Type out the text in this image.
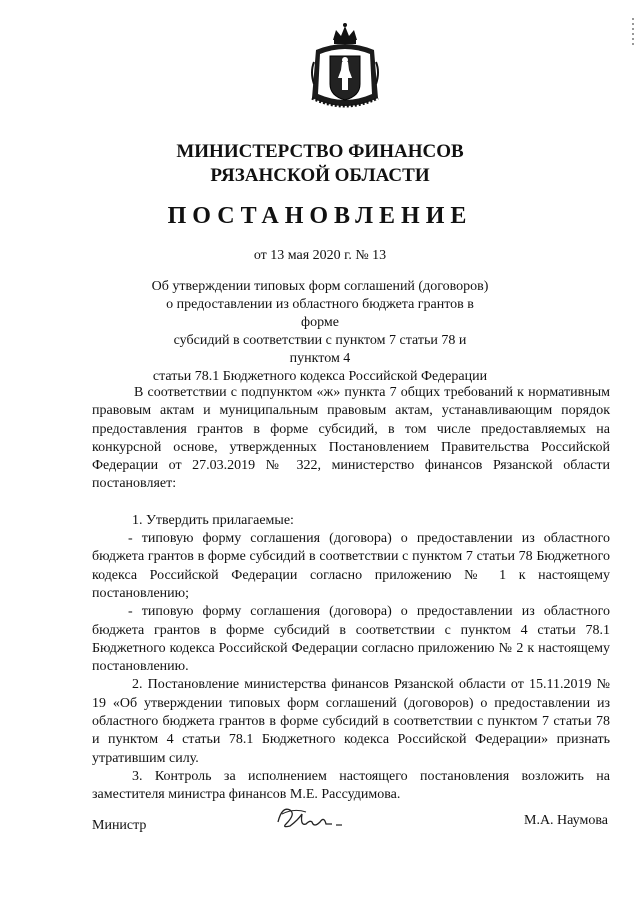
МИНИСТЕРСТВО ФИНАНСОВ
РЯЗАНСКОЙ ОБЛАСТИ
ПОСТАНОВЛЕНИЕ
от 13 мая 2020 г. № 13
Об утверждении типовых форм соглашений (договоров)
о предоставлении из областного бюджета грантов в форме
субсидий в соответствии с пунктом 7 статьи 78 и пунктом 4
статьи 78.1 Бюджетного кодекса Российской Федерации

В соответствии с подпунктом «ж» пункта 7 общих требований к нормативным правовым актам и муниципальным правовым актам, устанавливающим порядок предоставления грантов в форме субсидий, в том числе предоставляемых на конкурсной основе, утвержденных Постановлением Правительства Российской Федерации от 27.03.2019 № 322, министерство финансов Рязанской области постановляет:

1. Утвердить прилагаемые:

- типовую форму соглашения (договора) о предоставлении из областного бюджета грантов в форме субсидий в соответствии с пунктом 7 статьи 78 Бюджетного кодекса Российской Федерации согласно приложению № 1 к настоящему постановлению;

- типовую форму соглашения (договора) о предоставлении из областного бюджета грантов в форме субсидий в соответствии с пунктом 4 статьи 78.1 Бюджетного кодекса Российской Федерации согласно приложению № 2 к настоящему постановлению.

2. Постановление министерства финансов Рязанской области от 15.11.2019 № 19 «Об утверждении типовых форм соглашений (договоров) о предоставлении из областного бюджета грантов в форме субсидий в соответствии с пунктом 7 статьи 78 и пунктом 4 статьи 78.1 Бюджетного кодекса Российской Федерации» признать утратившим силу.

3. Контроль за исполнением настоящего постановления возложить на заместителя министра финансов М.Е. Рассудимова.

Министр	М.А. Наумова
